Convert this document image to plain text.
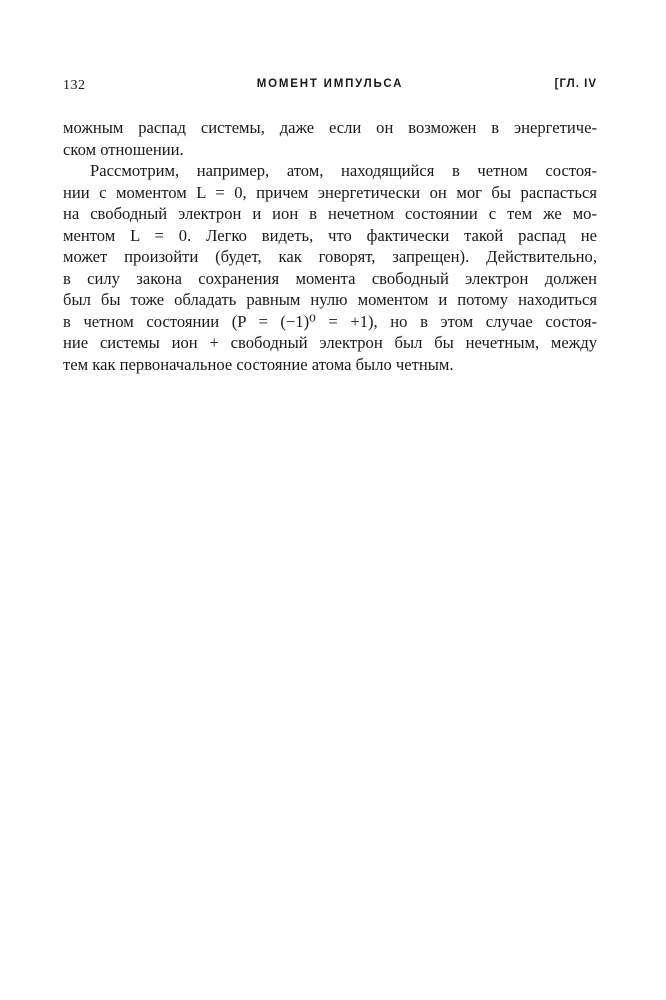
132	МОМЕНТ ИМПУЛЬСА	[ГЛ. IV

можным распад системы, даже если он возможен в энергетиче-
ском отношении.

Рассмотрим, например, атом, находящийся в четном состоя-
нии с моментом L = 0, причем энергетически он мог бы распасться
на свободный электрон и ион в нечетном состоянии с тем же мо-
ментом L = 0. Легко видеть, что фактически такой распад не
может произойти (будет, как говорят, запрещен). Действительно,
в силу закона сохранения момента свободный электрон должен
был бы тоже обладать равным нулю моментом и потому находиться
в четном состоянии (P = (−1)⁰ = +1), но в этом случае состоя-
ние системы ион + свободный электрон был бы нечетным, между
тем как первоначальное состояние атома было четным.
